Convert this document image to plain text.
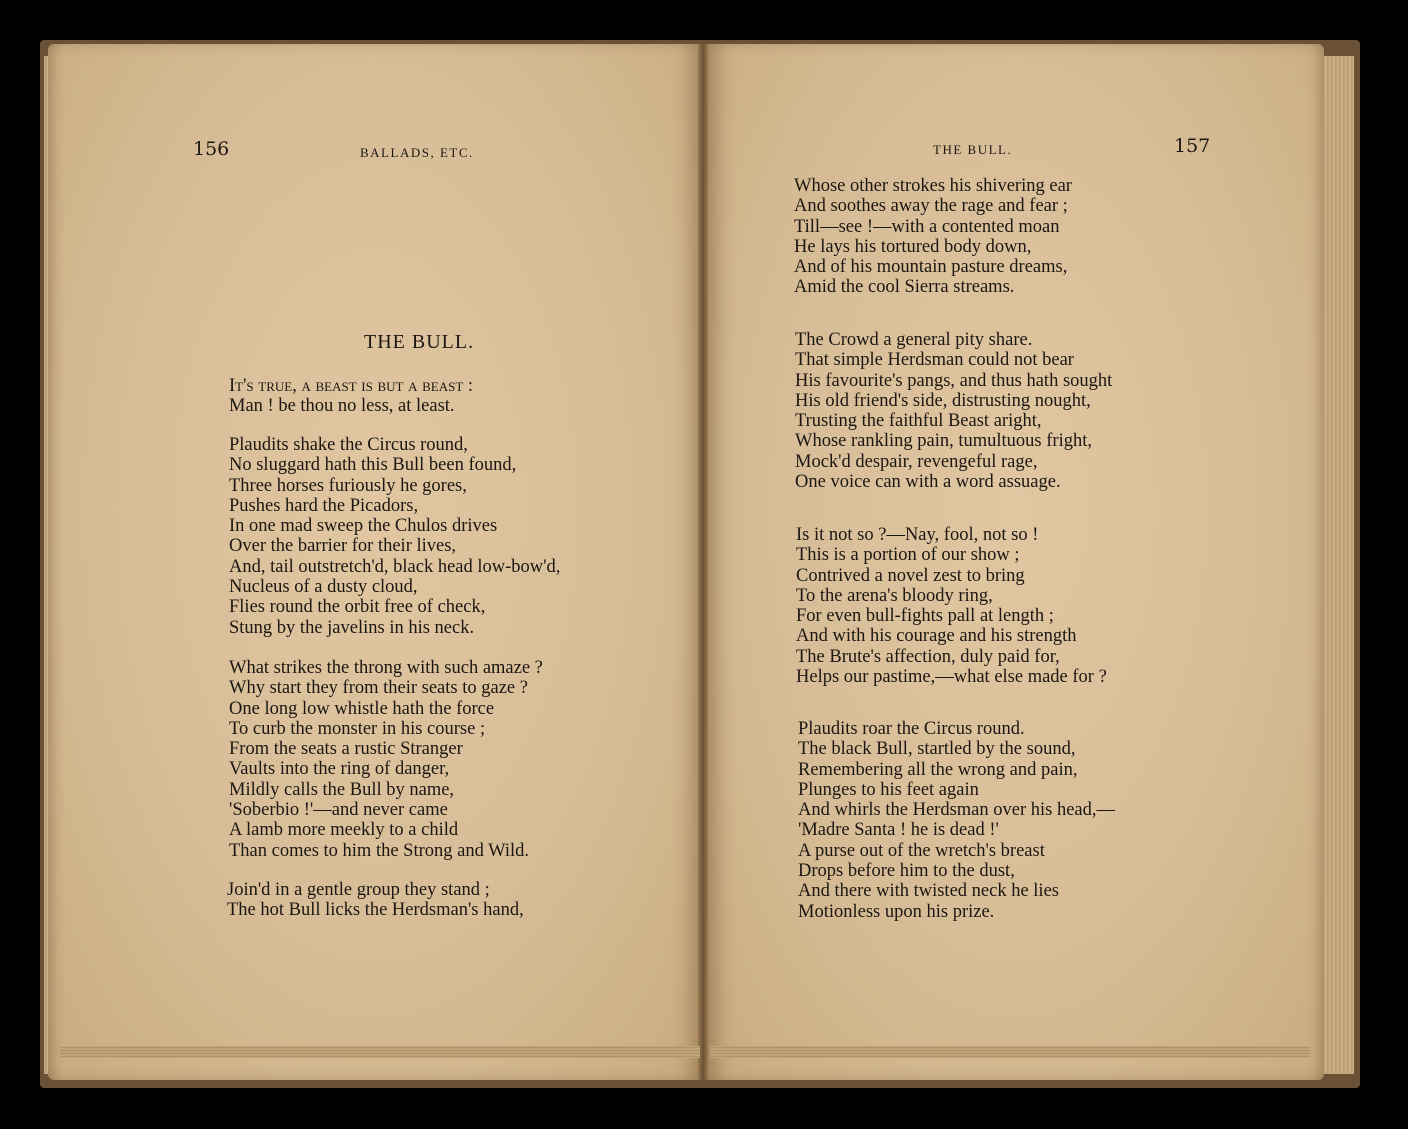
156	BALLADS, ETC.
THE BULL.
It's true, a beast is but a beast :
Man ! be thou no less, at least.
Plaudits shake the Circus round,
No sluggard hath this Bull been found,
Three horses furiously he gores,
Pushes hard the Picadors,
In one mad sweep the Chulos drives
Over the barrier for their lives,
And, tail outstretch'd, black head low-bow'd,
Nucleus of a dusty cloud,
Flies round the orbit free of check,
Stung by the javelins in his neck.
What strikes the throng with such amaze ?
Why start they from their seats to gaze ?
One long low whistle hath the force
To curb the monster in his course ;
From the seats a rustic Stranger
Vaults into the ring of danger,
Mildly calls the Bull by name,
'Soberbio !'—and never came
A lamb more meekly to a child
Than comes to him the Strong and Wild.
Join'd in a gentle group they stand ;
The hot Bull licks the Herdsman's hand,
THE BULL.	157
Whose other strokes his shivering ear
And soothes away the rage and fear ;
Till—see !—with a contented moan
He lays his tortured body down,
And of his mountain pasture dreams,
Amid the cool Sierra streams.
The Crowd a general pity share.
That simple Herdsman could not bear
His favourite's pangs, and thus hath sought
His old friend's side, distrusting nought,
Trusting the faithful Beast aright,
Whose rankling pain, tumultuous fright,
Mock'd despair, revengeful rage,
One voice can with a word assuage.
Is it not so ?—Nay, fool, not so !
This is a portion of our show ;
Contrived a novel zest to bring
To the arena's bloody ring,
For even bull-fights pall at length ;
And with his courage and his strength
The Brute's affection, duly paid for,
Helps our pastime,—what else made for ?
Plaudits roar the Circus round.
The black Bull, startled by the sound,
Remembering all the wrong and pain,
Plunges to his feet again
And whirls the Herdsman over his head,—
'Madre Santa ! he is dead !'
A purse out of the wretch's breast
Drops before him to the dust,
And there with twisted neck he lies
Motionless upon his prize.
